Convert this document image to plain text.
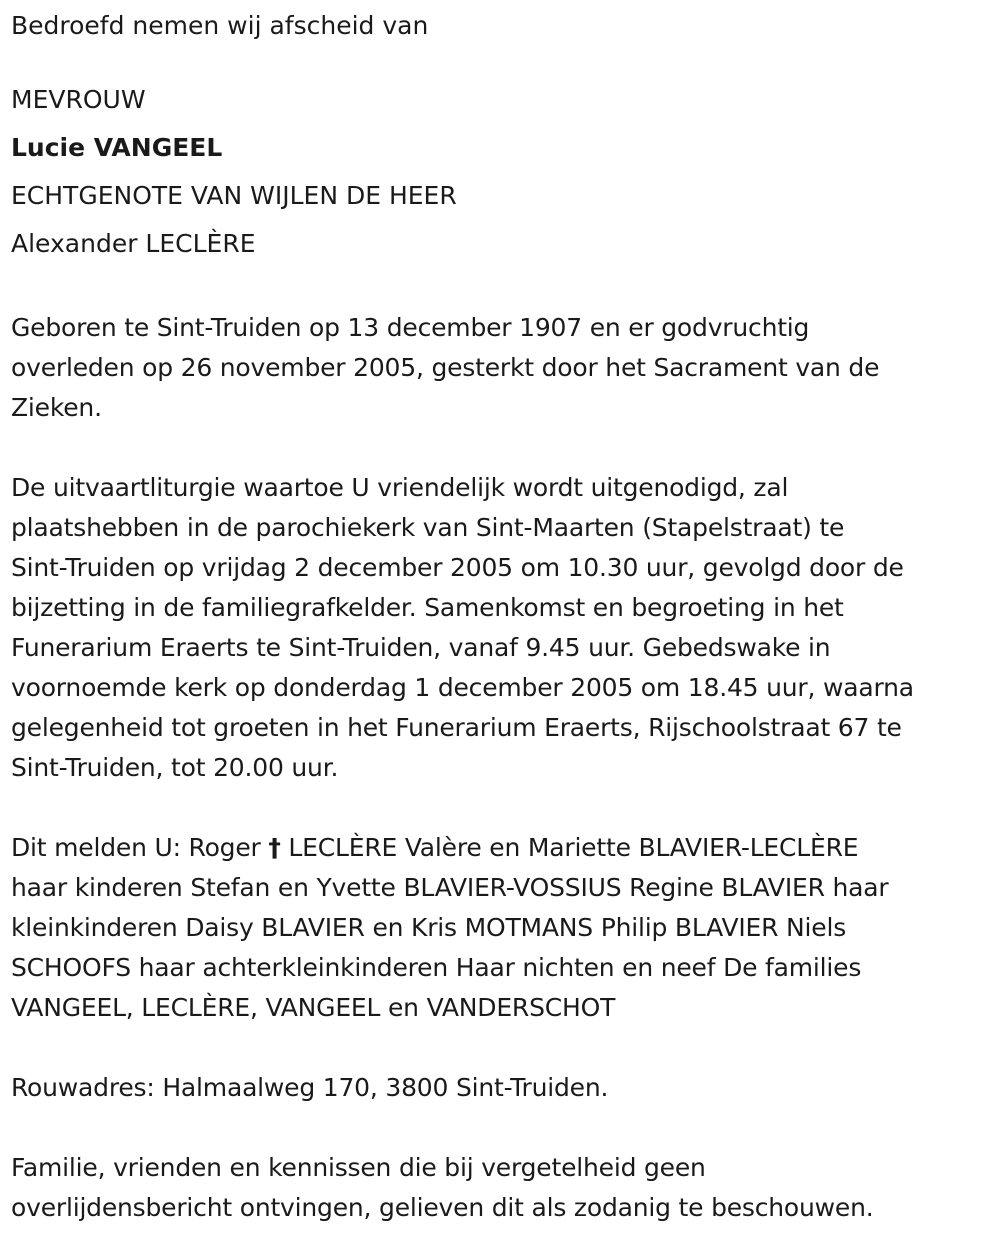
Bedroefd nemen wij afscheid van

MEVROUW

Lucie VANGEEL

ECHTGENOTE VAN WIJLEN DE HEER

Alexander LECLÈRE

Geboren te Sint-Truiden op 13 december 1907 en er godvruchtig

overleden op 26 november 2005, gesterkt door het Sacrament van de

Zieken.

De uitvaartliturgie waartoe U vriendelijk wordt uitgenodigd, zal

plaatshebben in de parochiekerk van Sint-Maarten (Stapelstraat) te

Sint-Truiden op vrijdag 2 december 2005 om 10.30 uur, gevolgd door de

bijzetting in de familiegrafkelder. Samenkomst en begroeting in het

Funerarium Eraerts te Sint-Truiden, vanaf 9.45 uur. Gebedswake in

voornoemde kerk op donderdag 1 december 2005 om 18.45 uur, waarna

gelegenheid tot groeten in het Funerarium Eraerts, Rijschoolstraat 67 te

Sint-Truiden, tot 20.00 uur.

Dit melden U: Roger † LECLÈRE Valère en Mariette BLAVIER-LECLÈRE

haar kinderen Stefan en Yvette BLAVIER-VOSSIUS Regine BLAVIER haar

kleinkinderen Daisy BLAVIER en Kris MOTMANS Philip BLAVIER Niels

SCHOOFS haar achterkleinkinderen Haar nichten en neef De families

VANGEEL, LECLÈRE, VANGEEL en VANDERSCHOT

Rouwadres: Halmaalweg 170, 3800 Sint-Truiden.

Familie, vrienden en kennissen die bij vergetelheid geen

overlijdensbericht ontvingen, gelieven dit als zodanig te beschouwen.
